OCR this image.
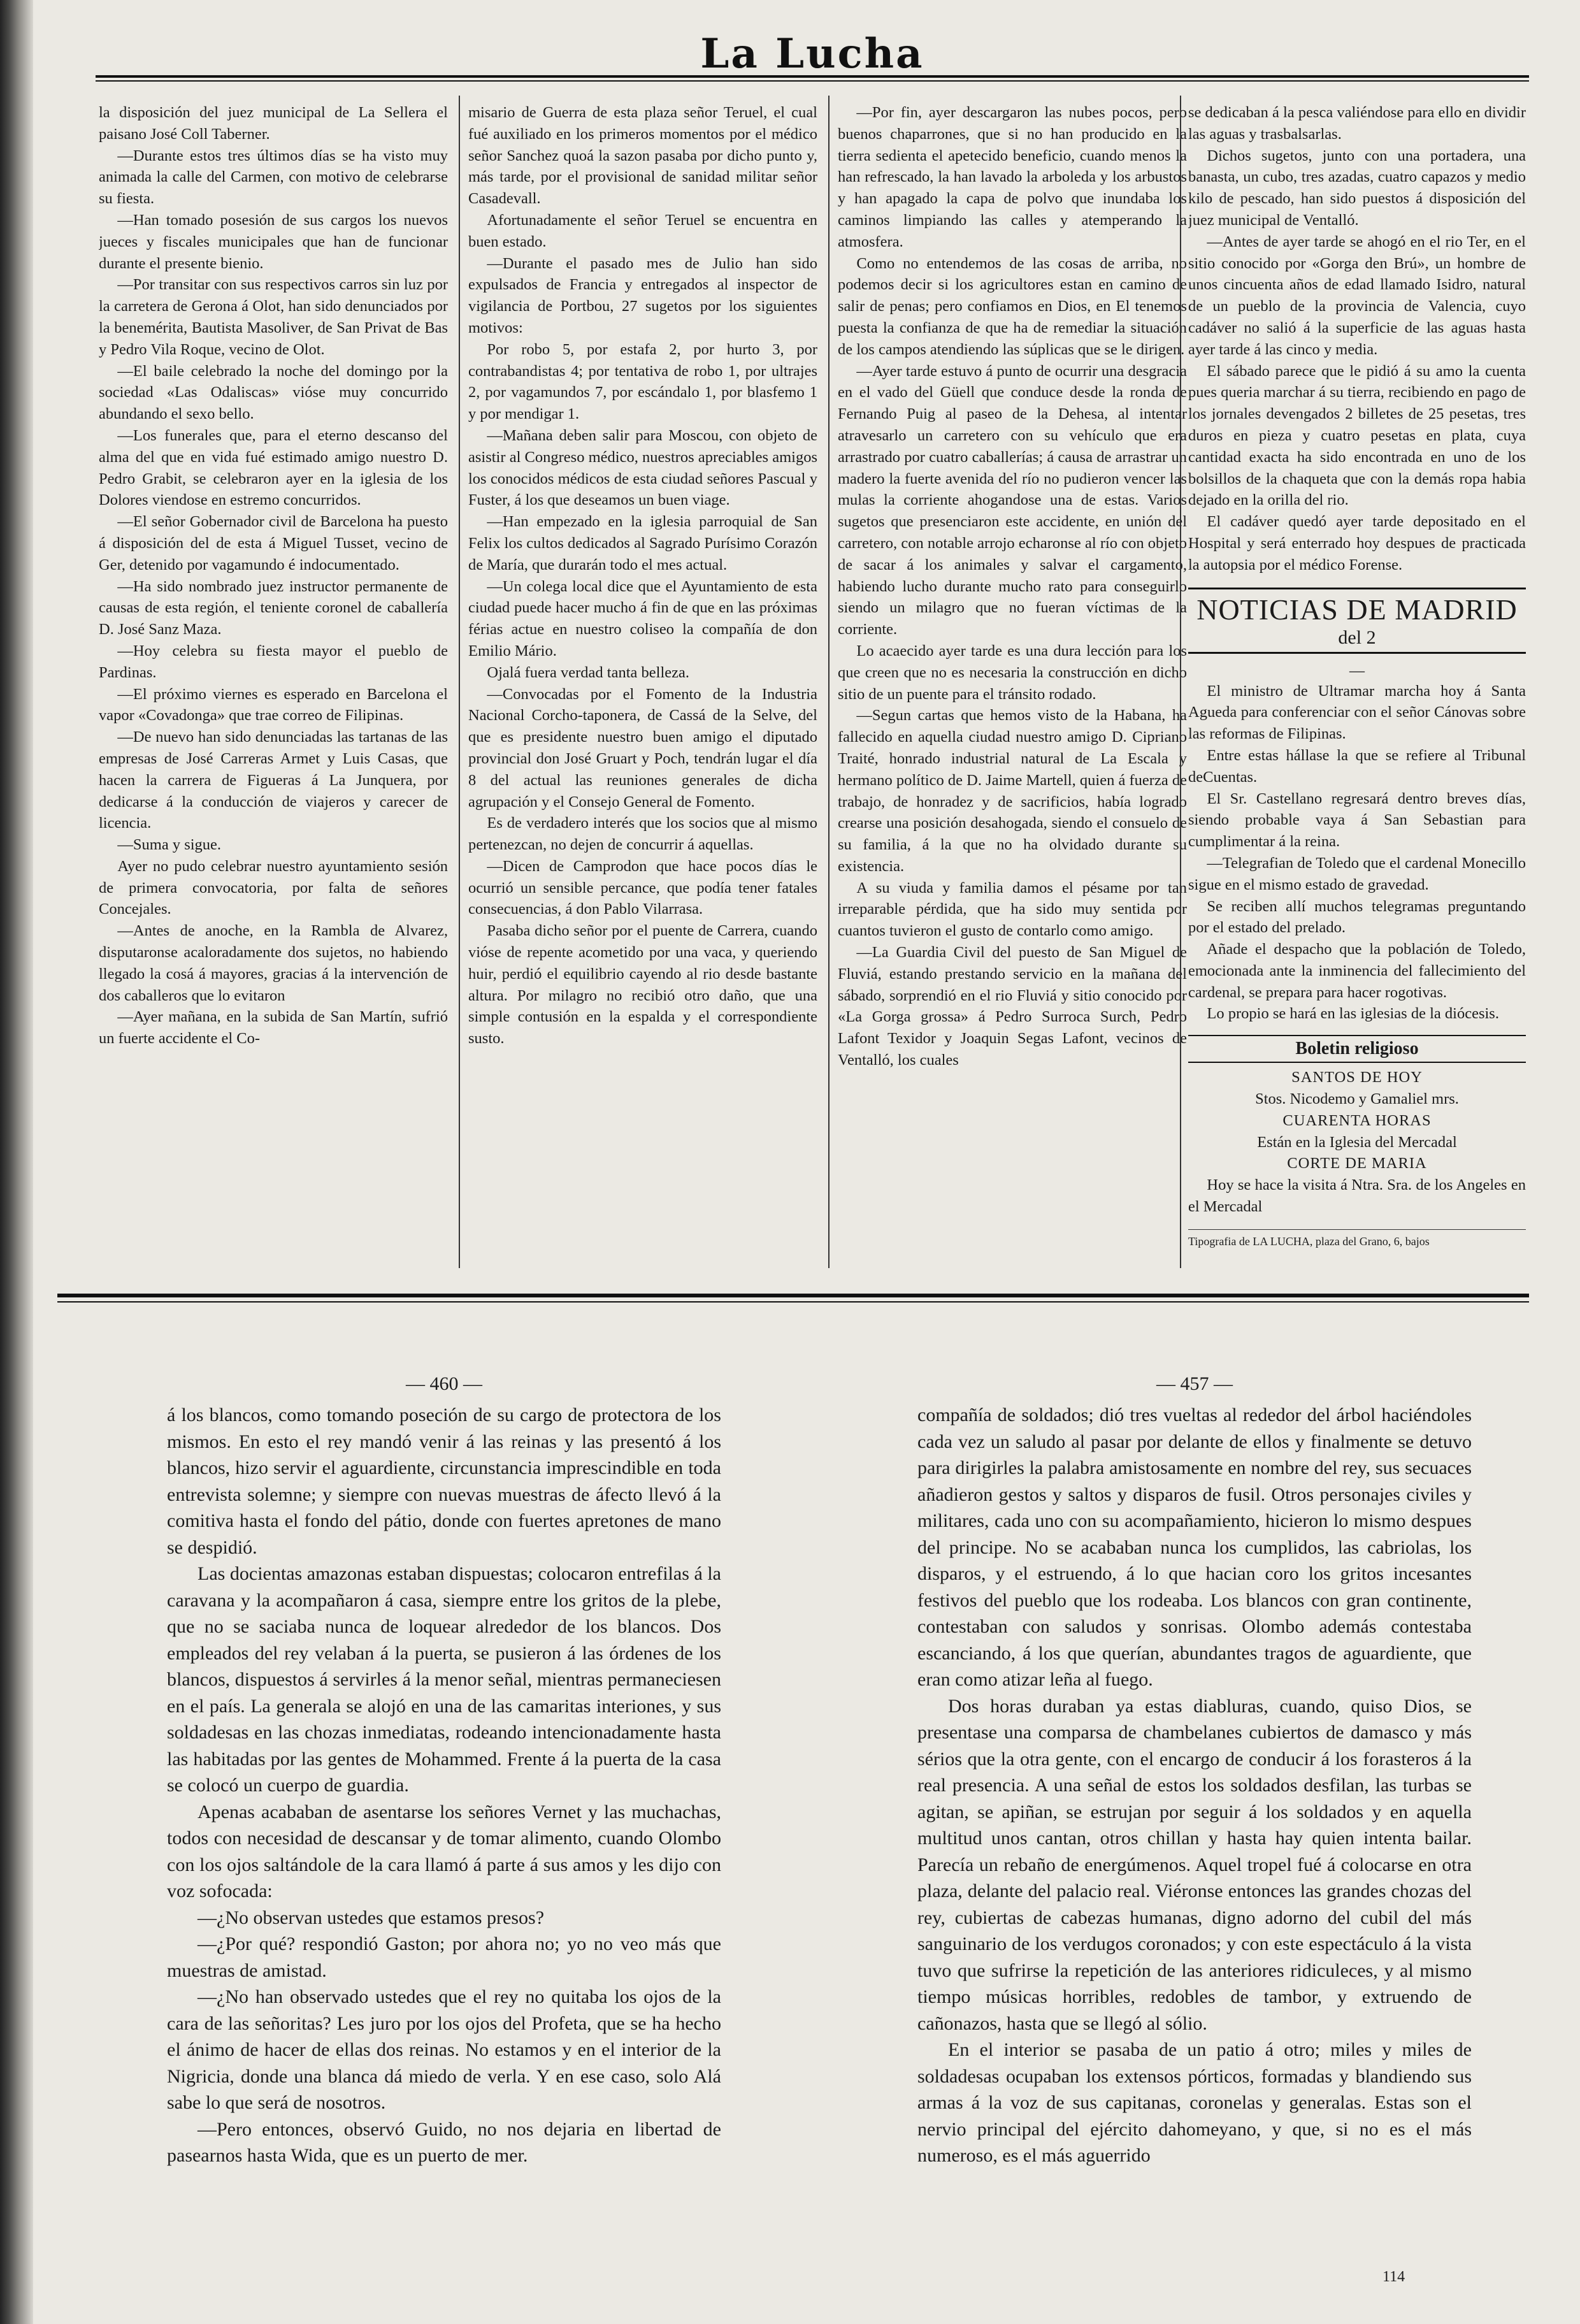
La Lucha

la disposición del juez municipal de La Sellera el paisano José Coll Taberner.

—Durante estos tres últimos días se ha visto muy animada la calle del Carmen, con motivo de celebrarse su fiesta.

—Han tomado posesión de sus cargos los nuevos jueces y fiscales municipales que han de funcionar durante el presente bienio.

—Por transitar con sus respectivos carros sin luz por la carretera de Gerona á Olot, han sido denunciados por la benemérita, Bautista Masoliver, de San Privat de Bas y Pedro Vila Roque, vecino de Olot.

—El baile celebrado la noche del domingo por la sociedad «Las Odaliscas» vióse muy concurrido abundando el sexo bello.

—Los funerales que, para el eterno descanso del alma del que en vida fué estimado amigo nuestro D. Pedro Grabit, se celebraron ayer en la iglesia de los Dolores viendose en estremo concurridos.

—El señor Gobernador civil de Barcelona ha puesto á disposición del de esta á Miguel Tusset, vecino de Ger, detenido por vagamundo é indocumentado.

—Ha sido nombrado juez instructor permanente de causas de esta región, el teniente coronel de caballería D. José Sanz Maza.

—Hoy celebra su fiesta mayor el pueblo de Pardinas.

—El próximo viernes es esperado en Barcelona el vapor «Covadonga» que trae correo de Filipinas.

—De nuevo han sido denunciadas las tartanas de las empresas de José Carreras Armet y Luis Casas, que hacen la carrera de Figueras á La Junquera, por dedicarse á la conducción de viajeros y carecer de licencia.

—Suma y sigue.

Ayer no pudo celebrar nuestro ayuntamiento sesión de primera convocatoria, por falta de señores Concejales.

—Antes de anoche, en la Rambla de Alvarez, disputaronse acaloradamente dos sujetos, no habiendo llegado la cosá á mayores, gracias á la intervención de dos caballeros que lo evitaron

—Ayer mañana, en la subida de San Martín, sufrió un fuerte accidente el Co-

misario de Guerra de esta plaza señor Teruel, el cual fué auxiliado en los primeros momentos por el médico señor Sanchez quoá la sazon pasaba por dicho punto y, más tarde, por el provisional de sanidad militar señor Casadevall.

Afortunadamente el señor Teruel se encuentra en buen estado.

—Durante el pasado mes de Julio han sido expulsados de Francia y entregados al inspector de vigilancia de Portbou, 27 sugetos por los siguientes motivos:

Por robo 5, por estafa 2, por hurto 3, por contrabandistas 4; por tentativa de robo 1, por ultrajes 2, por vagamundos 7, por escándalo 1, por blasfemo 1 y por mendigar 1.

—Mañana deben salir para Moscou, con objeto de asistir al Congreso médico, nuestros apreciables amigos los conocidos médicos de esta ciudad señores Pascual y Fuster, á los que deseamos un buen viage.

—Han empezado en la iglesia parroquial de San Felix los cultos dedicados al Sagrado Purísimo Corazón de María, que durarán todo el mes actual.

—Un colega local dice que el Ayuntamiento de esta ciudad puede hacer mucho á fin de que en las próximas férias actue en nuestro coliseo la compañía de don Emilio Mário.

Ojalá fuera verdad tanta belleza.

—Convocadas por el Fomento de la Industria Nacional Corcho-taponera, de Cassá de la Selve, del que es presidente nuestro buen amigo el diputado provincial don José Gruart y Poch, tendrán lugar el día 8 del actual las reuniones generales de dicha agrupación y el Consejo General de Fomento.

Es de verdadero interés que los socios que al mismo pertenezcan, no dejen de concurrir á aquellas.

—Dicen de Camprodon que hace pocos días le ocurrió un sensible percance, que podía tener fatales consecuencias, á don Pablo Vilarrasa.

Pasaba dicho señor por el puente de Carrera, cuando vióse de repente acometido por una vaca, y queriendo huir, perdió el equilibrio cayendo al rio desde bastante altura. Por milagro no recibió otro daño, que una simple contusión en la espalda y el correspondiente susto.

—Por fin, ayer descargaron las nubes pocos, pero buenos chaparrones, que si no han producido en la tierra sedienta el apetecido beneficio, cuando menos la han refrescado, la han lavado la arboleda y los arbustos y han apagado la capa de polvo que inundaba los caminos limpiando las calles y atemperando la atmosfera.

Como no entendemos de las cosas de arriba, no podemos decir si los agricultores estan en camino de salir de penas; pero confiamos en Dios, en El tenemos puesta la confianza de que ha de remediar la situación de los campos atendiendo las súplicas que se le dirigen.

—Ayer tarde estuvo á punto de ocurrir una desgracia en el vado del Güell que conduce desde la ronda de Fernando Puig al paseo de la Dehesa, al intentar atravesarlo un carretero con su vehículo que era arrastrado por cuatro caballerías; á causa de arrastrar un madero la fuerte avenida del río no pudieron vencer las mulas la corriente ahogandose una de estas. Varios sugetos que presenciaron este accidente, en unión del carretero, con notable arrojo echaronse al río con objeto de sacar á los animales y salvar el cargamento, habiendo lucho durante mucho rato para conseguirlo siendo un milagro que no fueran víctimas de la corriente.

Lo acaecido ayer tarde es una dura lección para los que creen que no es necesaria la construcción en dicho sitio de un puente para el tránsito rodado.

—Segun cartas que hemos visto de la Habana, ha fallecido en aquella ciudad nuestro amigo D. Cipriano Traité, honrado industrial natural de La Escala y hermano político de D. Jaime Martell, quien á fuerza de trabajo, de honradez y de sacrificios, había logrado crearse una posición desahogada, siendo el consuelo de su familia, á la que no ha olvidado durante su existencia.

A su viuda y familia damos el pésame por tan irreparable pérdida, que ha sido muy sentida por cuantos tuvieron el gusto de contarlo como amigo.

—La Guardia Civil del puesto de San Miguel de Fluviá, estando prestando servicio en la mañana del sábado, sorprendió en el rio Fluviá y sitio conocido por «La Gorga grossa» á Pedro Surroca Surch, Pedro Lafont Texidor y Joaquin Segas Lafont, vecinos de Ventalló, los cuales

se dedicaban á la pesca valiéndose para ello en dividir las aguas y trasbalsarlas.

Dichos sugetos, junto con una portadera, una banasta, un cubo, tres azadas, cuatro capazos y medio kilo de pescado, han sido puestos á disposición del juez municipal de Ventalló.

—Antes de ayer tarde se ahogó en el rio Ter, en el sitio conocido por «Gorga den Brú», un hombre de unos cincuenta años de edad llamado Isidro, natural de un pueblo de la provincia de Valencia, cuyo cadáver no salió á la superficie de las aguas hasta ayer tarde á las cinco y media.

El sábado parece que le pidió á su amo la cuenta pues queria marchar á su tierra, recibiendo en pago de los jornales devengados 2 billetes de 25 pesetas, tres duros en pieza y cuatro pesetas en plata, cuya cantidad exacta ha sido encontrada en uno de los bolsillos de la chaqueta que con la demás ropa habia dejado en la orilla del rio.

El cadáver quedó ayer tarde depositado en el Hospital y será enterrado hoy despues de practicada la autopsia por el médico Forense.

NOTICIAS DE MADRID
del 2
—

El ministro de Ultramar marcha hoy á Santa Agueda para conferenciar con el señor Cánovas sobre las reformas de Filipinas.

Entre estas hállase la que se refiere al Tribunal deCuentas.

El Sr. Castellano regresará dentro breves días, siendo probable vaya á San Sebastian para cumplimentar á la reina.

—Telegrafian de Toledo que el cardenal Monecillo sigue en el mismo estado de gravedad.

Se reciben allí muchos telegramas preguntando por el estado del prelado.

Añade el despacho que la población de Toledo, emocionada ante la inminencia del fallecimiento del cardenal, se prepara para hacer rogotivas.

Lo propio se hará en las iglesias de la diócesis.

Boletin religioso
SANTOS DE HOY
Stos. Nicodemo y Gamaliel mrs.
CUARENTA HORAS
Están en la Iglesia del Mercadal
CORTE DE MARIA

Hoy se hace la visita á Ntra. Sra. de los Angeles en el Mercadal

Tipografia de LA LUCHA, plaza del Grano, 6, bajos
— 460 —

á los blancos, como tomando poseción de su cargo de protectora de los mismos. En esto el rey mandó venir á las reinas y las presentó á los blancos, hizo servir el aguardiente, circunstancia imprescindible en toda entrevista solemne; y siempre con nuevas muestras de áfecto llevó á la comitiva hasta el fondo del pátio, donde con fuertes apretones de mano se despidió.

Las docientas amazonas estaban dispuestas; colocaron entrefilas á la caravana y la acompañaron á casa, siempre entre los gritos de la plebe, que no se saciaba nunca de loquear alrededor de los blancos. Dos empleados del rey velaban á la puerta, se pusieron á las órdenes de los blancos, dispuestos á servirles á la menor señal, mientras permaneciesen en el país. La generala se alojó en una de las camaritas interiones, y sus soldadesas en las chozas inmediatas, rodeando intencionadamente hasta las habitadas por las gentes de Mohammed. Frente á la puerta de la casa se colocó un cuerpo de guardia.

Apenas acababan de asentarse los señores Vernet y las muchachas, todos con necesidad de descansar y de tomar alimento, cuando Olombo con los ojos saltándole de la cara llamó á parte á sus amos y les dijo con voz sofocada:

—¿No observan ustedes que estamos presos?

—¿Por qué? respondió Gaston; por ahora no; yo no veo más que muestras de amistad.

—¿No han observado ustedes que el rey no quitaba los ojos de la cara de las señoritas? Les juro por los ojos del Profeta, que se ha hecho el ánimo de hacer de ellas dos reinas. No estamos y en el interior de la Nigricia, donde una blanca dá miedo de verla. Y en ese caso, solo Alá sabe lo que será de nosotros.

—Pero entonces, observó Guido, no nos dejaria en libertad de pasearnos hasta Wida, que es un puerto de mer.

— 457 —

compañía de soldados; dió tres vueltas al rededor del árbol haciéndoles cada vez un saludo al pasar por delante de ellos y finalmente se detuvo para dirigirles la palabra amistosamente en nombre del rey, sus secuaces añadieron gestos y saltos y disparos de fusil. Otros personajes civiles y militares, cada uno con su acompañamiento, hicieron lo mismo despues del principe. No se acababan nunca los cumplidos, las cabriolas, los disparos, y el estruendo, á lo que hacian coro los gritos incesantes festivos del pueblo que los rodeaba. Los blancos con gran continente, contestaban con saludos y sonrisas. Olombo además contestaba escanciando, á los que querían, abundantes tragos de aguardiente, que eran como atizar leña al fuego.

Dos horas duraban ya estas diabluras, cuando, quiso Dios, se presentase una comparsa de chambelanes cubiertos de damasco y más sérios que la otra gente, con el encargo de conducir á los forasteros á la real presencia. A una señal de estos los soldados desfilan, las turbas se agitan, se apiñan, se estrujan por seguir á los soldados y en aquella multitud unos cantan, otros chillan y hasta hay quien intenta bailar. Parecía un rebaño de energúmenos. Aquel tropel fué á colocarse en otra plaza, delante del palacio real. Viéronse entonces las grandes chozas del rey, cubiertas de cabezas humanas, digno adorno del cubil del más sanguinario de los verdugos coronados; y con este espectáculo á la vista tuvo que sufrirse la repetición de las anteriores ridiculeces, y al mismo tiempo músicas horribles, redobles de tambor, y extruendo de cañonazos, hasta que se llegó al sólio.

En el interior se pasaba de un patio á otro; miles y miles de soldadesas ocupaban los extensos pórticos, formadas y blandiendo sus armas á la voz de sus capitanas, coronelas y generalas. Estas son el nervio principal del ejército dahomeyano, y que, si no es el más numeroso, es el más aguerrido

114
